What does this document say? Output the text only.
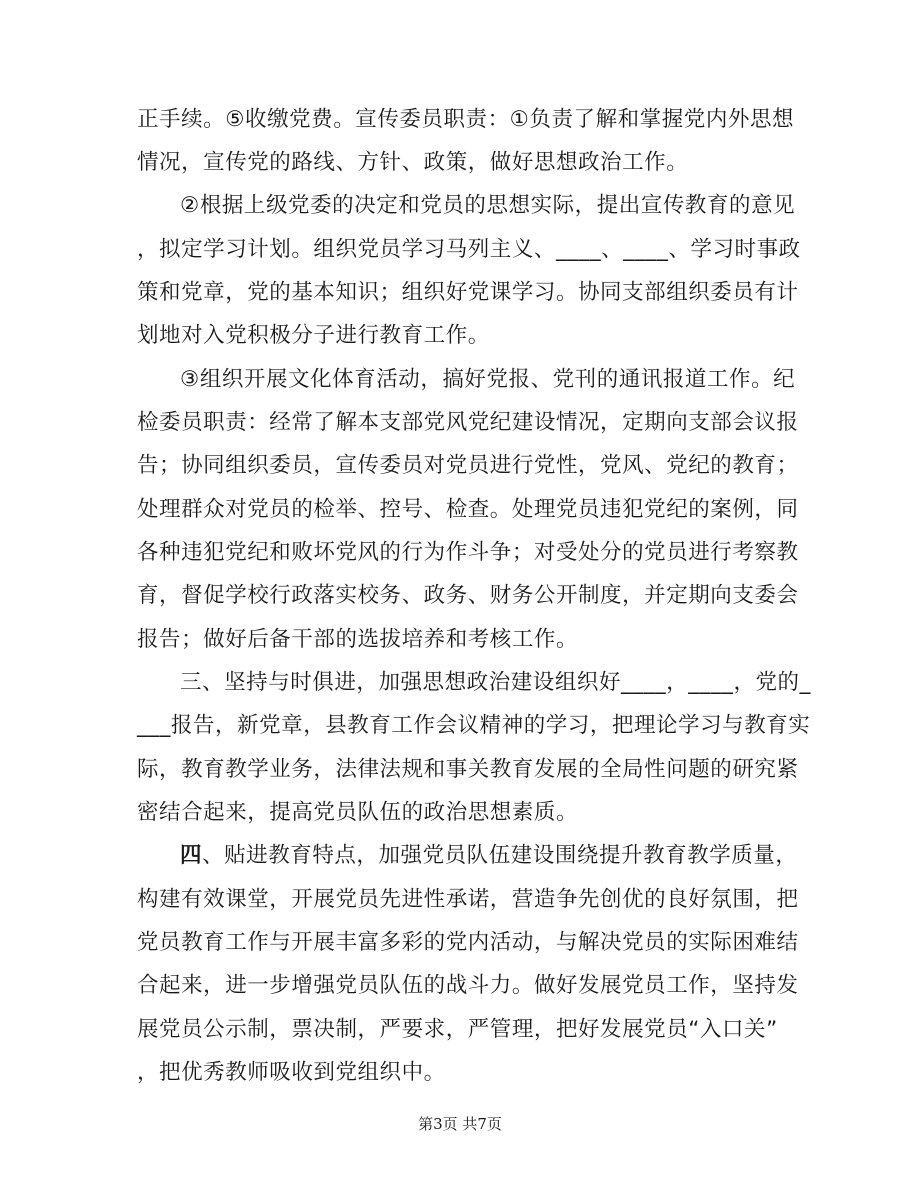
正手续。⑤收缴党费。宣传委员职责：①负责了解和掌握党内外思想
情况，宣传党的路线、方针、政策，做好思想政治工作。
②根据上级党委的决定和党员的思想实际，提出宣传教育的意见
，拟定学习计划。组织党员学习马列主义、____、____、学习时事政
策和党章，党的基本知识；组织好党课学习。协同支部组织委员有计
划地对入党积极分子进行教育工作。
③组织开展文化体育活动，搞好党报、党刊的通讯报道工作。纪
检委员职责：经常了解本支部党风党纪建设情况，定期向支部会议报
告；协同组织委员，宣传委员对党员进行党性，党风、党纪的教育；
处理群众对党员的检举、控号、检查。处理党员违犯党纪的案例，同
各种违犯党纪和败坏党风的行为作斗争；对受处分的党员进行考察教
育，督促学校行政落实校务、政务、财务公开制度，并定期向支委会
报告；做好后备干部的选拔培养和考核工作。
三、坚持与时俱进，加强思想政治建设组织好____，____，党的_
___报告，新党章，县教育工作会议精神的学习，把理论学习与教育实
际，教育教学业务，法律法规和事关教育发展的全局性问题的研究紧
密结合起来，提高党员队伍的政治思想素质。
四、贴进教育特点，加强党员队伍建设围绕提升教育教学质量，
构建有效课堂，开展党员先进性承诺，营造争先创优的良好氛围，把
党员教育工作与开展丰富多彩的党内活动，与解决党员的实际困难结
合起来，进一步增强党员队伍的战斗力。做好发展党员工作，坚持发
展党员公示制，票决制，严要求，严管理，把好发展党员“入口关”
，把优秀教师吸收到党组织中。
第3页 共7页
